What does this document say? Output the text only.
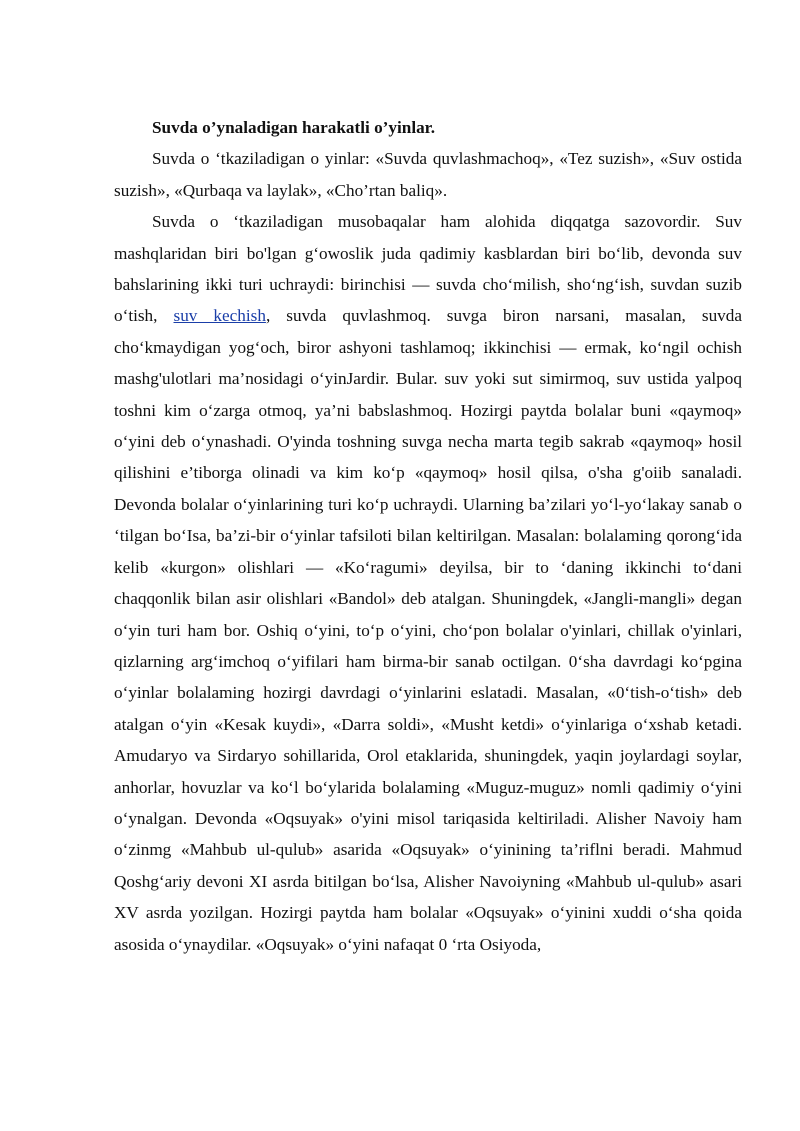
Suvda o’ynaladigan harakatli o’yinlar.

Suvda o ‘tkaziladigan o yinlar: «Suvda quvlashmachoq», «Tez suzish», «Suv ostida suzish», «Qurbaqa va laylak», «Cho’rtan baliq».

Suvda o ‘tkaziladigan musobaqalar ham alohida diqqatga sazovordir. Suv mashqlaridan biri bo'lgan g‘owoslik juda qadimiy kasblardan biri bo‘lib, devonda suv bahslarining ikki turi uchraydi: birinchisi — suvda cho‘milish, sho‘ng‘ish, suvdan suzib o‘tish, suv kechish, suvda quvlashmoq. suvga biron narsani, masalan, suvda cho‘kmaydigan yog‘och, biror ashyoni tashlamoq; ikkinchisi — ermak, ko‘ngil ochish mashg'ulotlari ma’nosidagi o‘yinJardir. Bular. suv yoki sut simirmoq, suv ustida yalpoq toshni kim o‘zarga otmoq, ya’ni babslashmoq. Hozirgi paytda bolalar buni «qaymoq» o‘yini deb o‘ynashadi. O'yinda toshning suvga necha marta tegib sakrab «qaymoq» hosil qilishini e’tiborga olinadi va kim ko‘p «qaymoq» hosil qilsa, o'sha g'oiib sanaladi. Devonda bolalar o‘yinlarining turi ko‘p uchraydi. Ularning ba’zilari yo‘l-yo‘lakay sanab o ‘tilgan bo‘Isa, ba’zi-bir o‘yinlar tafsiloti bilan keltirilgan. Masalan: bolalaming qorong‘ida kelib «kurgon» olishlari — «Ko‘ragumi» deyilsa, bir to ‘daning ikkinchi to‘dani chaqqonlik bilan asir olishlari «Bandol» deb atalgan. Shuningdek, «Jangli-mangli» degan o‘yin turi ham bor. Oshiq o‘yini, to‘p o‘yini, cho‘pon bolalar o'yinlari, chillak o'yinlari, qizlarning arg‘imchoq o‘yifilari ham birma-bir sanab octilgan. 0‘sha davrdagi ko‘pgina o‘yinlar bolalaming hozirgi davrdagi o‘yinlarini eslatadi. Masalan, «0‘tish-o‘tish» deb atalgan o‘yin «Kesak kuydi», «Darra soldi», «Musht ketdi» o‘yinlariga o‘xshab ketadi. Amudaryo va Sirdaryo sohillarida, Orol etaklarida, shuningdek, yaqin joylardagi soylar, anhorlar, hovuzlar va ko‘l bo‘ylarida bolalaming «Muguz-muguz» nomli qadimiy o‘yini o‘ynalgan. Devonda «Oqsuyak» o'yini misol tariqasida keltiriladi. Alisher Navoiy ham o‘zinmg «Mahbub ul-qulub» asarida «Oqsuyak» o‘yinining ta’riflni beradi. Mahmud Qoshg‘ariy devoni XI asrda bitilgan bo‘lsa, Alisher Navoiyning «Mahbub ul-qulub» asari XV asrda yozilgan. Hozirgi paytda ham bolalar «Oqsuyak» o‘yinini xuddi o‘sha qoida asosida o‘ynaydilar. «Oqsuyak» o‘yini nafaqat 0 ‘rta Osiyoda,
